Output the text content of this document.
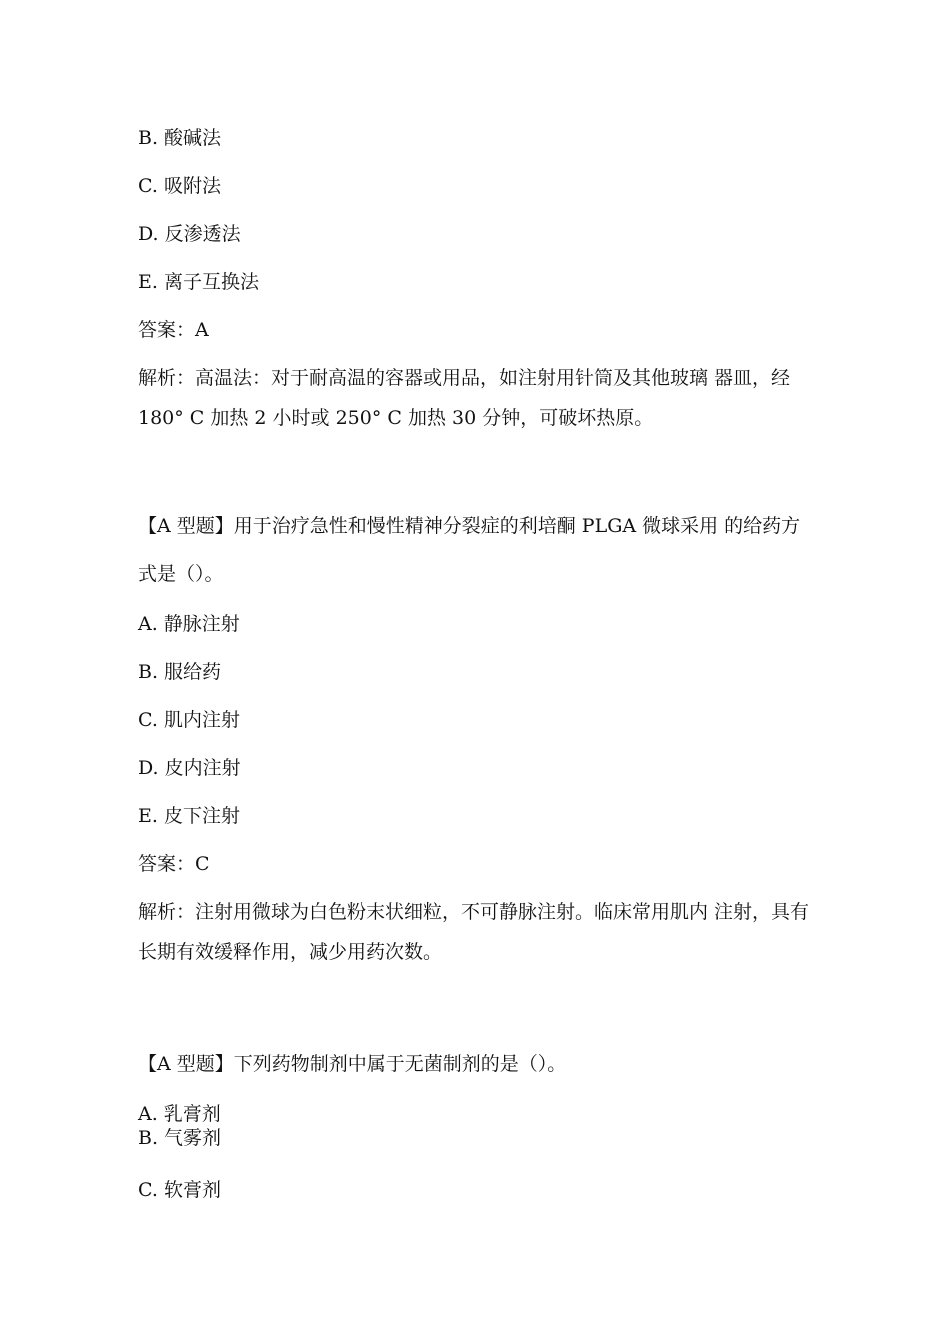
B. 酸碱法
C. 吸附法
D. 反渗透法
E. 离子互换法
答案：A
解析：高温法：对于耐高温的容器或用品，如注射用针筒及其他玻璃 器皿，经 180° C 加热 2 小时或 250° C 加热 30 分钟，可破坏热原。
【A 型题】用于治疗急性和慢性精神分裂症的利培酮 PLGA 微球采用 的给药方式是（）。
A. 静脉注射
B. 服给药
C. 肌内注射
D. 皮内注射
E. 皮下注射
答案：C
解析：注射用微球为白色粉末状细粒，不可静脉注射。临床常用肌内 注射，具有长期有效缓释作用，减少用药次数。
【A 型题】下列药物制剂中属于无菌制剂的是（）。
A. 乳膏剂
B. 气雾剂
C. 软膏剂
